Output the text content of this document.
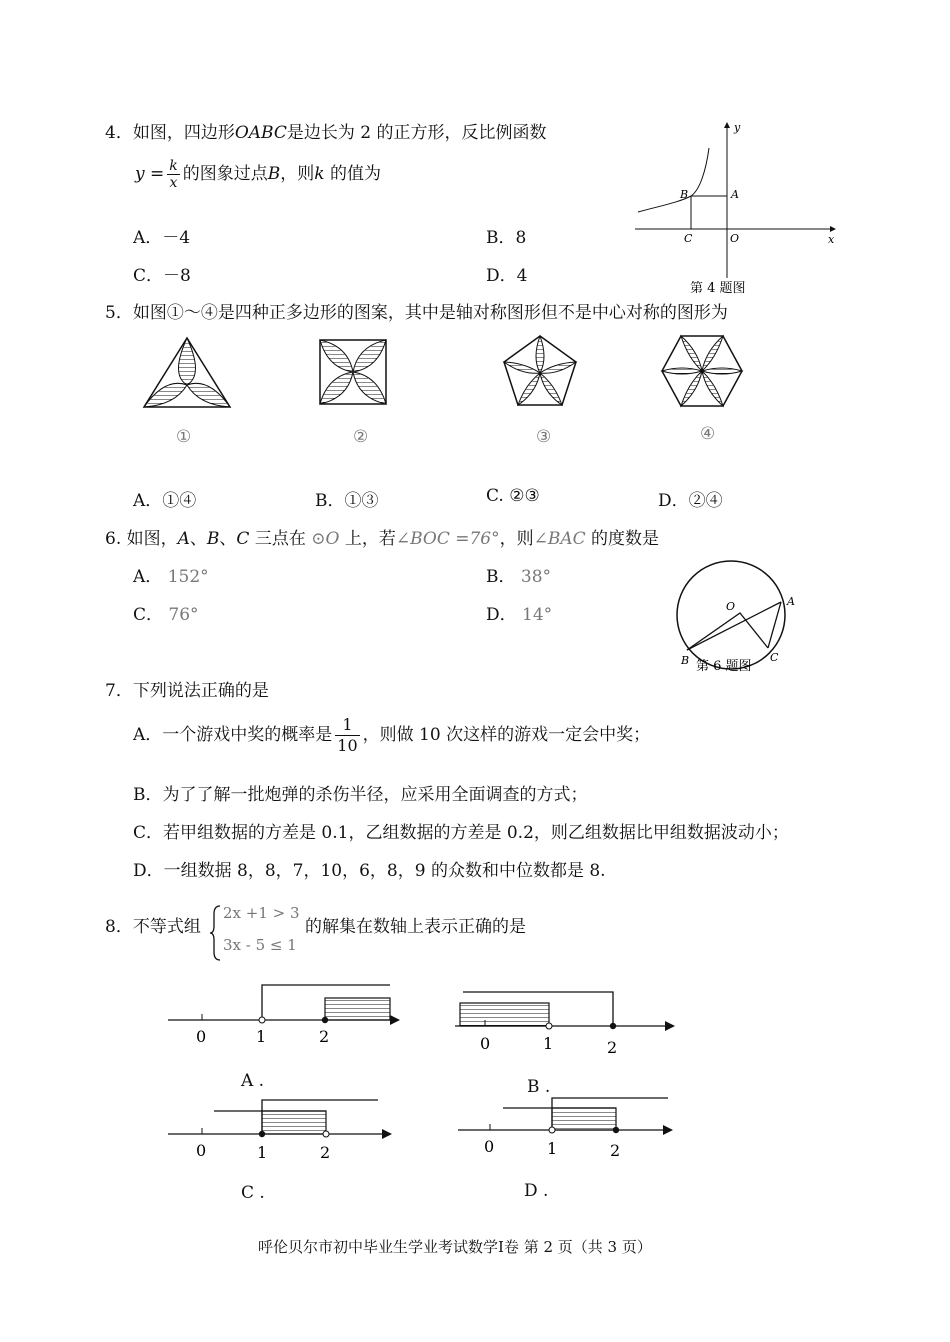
4．如图，四边形OABC是边长为 2 的正方形，反比例函数
$y = \frac{k}{x}$ 的图象过点B，则k 的值为
A．－4	B．8
C．－8	D．4
y
x
B	A
C	O
第 4 题图
5．如图①～④是四种正多边形的图案，其中是轴对称图形但不是中心对称的图形为
①	②	③	④
A．①④	B．①③	C. ②③	D．②④
6. 如图，A、B、C 三点在 ⊙O 上，若∠BOC =76°，则∠BAC 的度数是
A． 152°	B． 38°
C． 76°	D． 14°	O	A
B	C
第 6 题图
7．下列说法正确的是
A．一个游戏中奖的概率是 $\frac{1}{10}$ ，则做 10 次这样的游戏一定会中奖；
B．为了了解一批炮弹的杀伤半径，应采用全面调查的方式；
C．若甲组数据的方差是 0.1，乙组数据的方差是 0.2，则乙组数据比甲组数据波动小；
D．一组数据 8，8，7，10，6，8，9 的众数和中位数都是 8.
8．不等式组
2x +1 > 3
3x - 5 ≤ 1
的解集在数轴上表示正确的是
0	1	2
A .
0	1	2
B .
0	1	2
C .
0	1	2
D .
呼伦贝尔市初中毕业生学业考试数学Ⅰ卷 第 2 页（共 3 页）
